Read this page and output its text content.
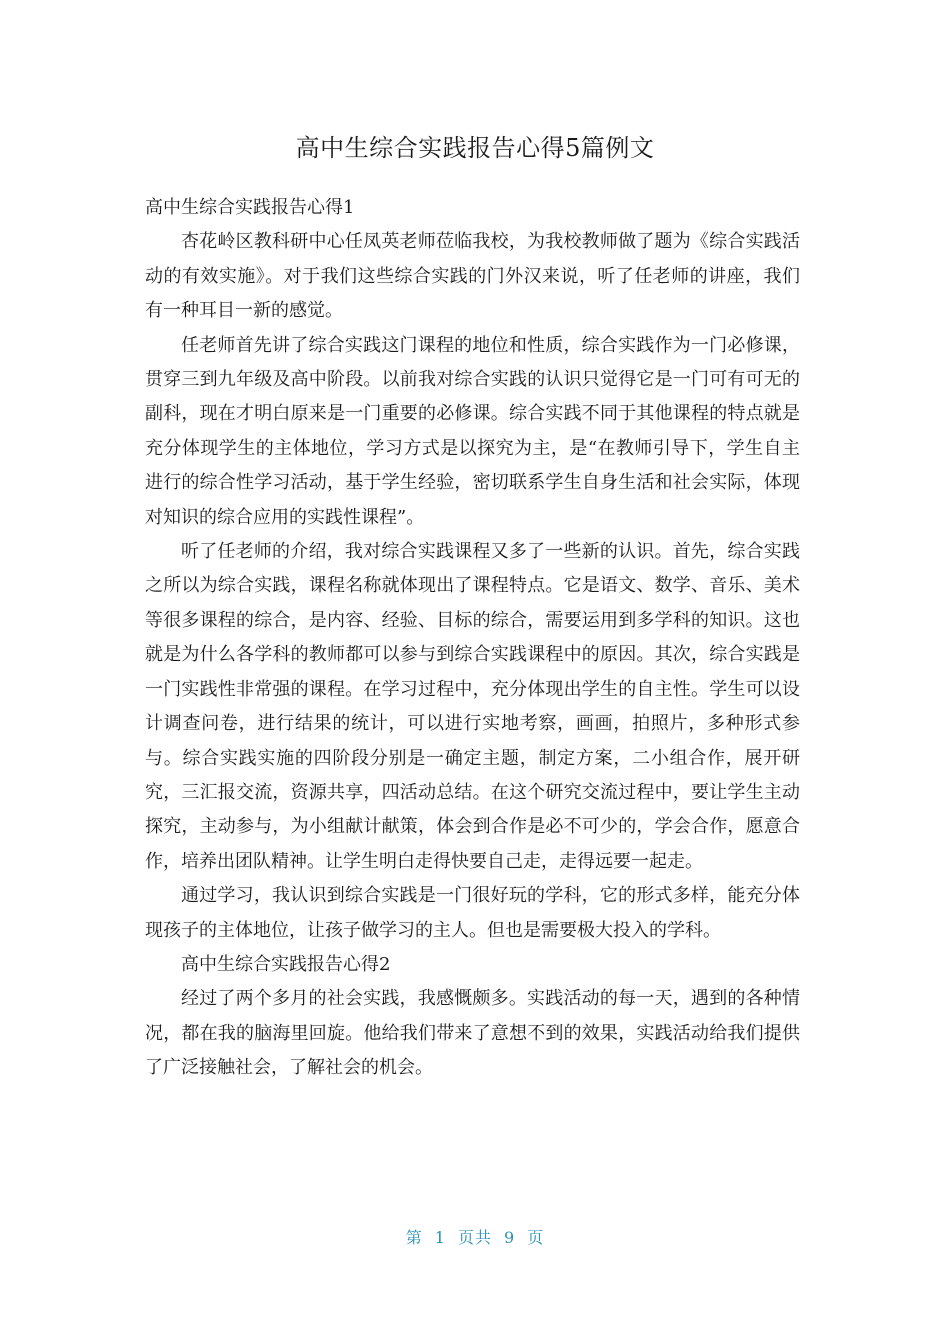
高中生综合实践报告心得5篇例文

高中生综合实践报告心得1

杏花岭区教科研中心任凤英老师莅临我校，为我校教师做了题为《综合实践活动的有效实施》。对于我们这些综合实践的门外汉来说，听了任老师的讲座，我们有一种耳目一新的感觉。

任老师首先讲了综合实践这门课程的地位和性质，综合实践作为一门必修课，贯穿三到九年级及高中阶段。以前我对综合实践的认识只觉得它是一门可有可无的副科，现在才明白原来是一门重要的必修课。综合实践不同于其他课程的特点就是充分体现学生的主体地位，学习方式是以探究为主，是“在教师引导下，学生自主进行的综合性学习活动，基于学生经验，密切联系学生自身生活和社会实际，体现对知识的综合应用的实践性课程”。

听了任老师的介绍，我对综合实践课程又多了一些新的认识。首先，综合实践之所以为综合实践，课程名称就体现出了课程特点。它是语文、数学、音乐、美术等很多课程的综合，是内容、经验、目标的综合，需要运用到多学科的知识。这也就是为什么各学科的教师都可以参与到综合实践课程中的原因。其次，综合实践是一门实践性非常强的课程。在学习过程中，充分体现出学生的自主性。学生可以设计调查问卷，进行结果的统计，可以进行实地考察，画画，拍照片，多种形式参与。综合实践实施的四阶段分别是一确定主题，制定方案，二小组合作，展开研究，三汇报交流，资源共享，四活动总结。在这个研究交流过程中，要让学生主动探究，主动参与，为小组献计献策，体会到合作是必不可少的，学会合作，愿意合作，培养出团队精神。让学生明白走得快要自己走，走得远要一起走。

通过学习，我认识到综合实践是一门很好玩的学科，它的形式多样，能充分体现孩子的主体地位，让孩子做学习的主人。但也是需要极大投入的学科。

高中生综合实践报告心得2

经过了两个多月的社会实践，我感慨颇多。实践活动的每一天，遇到的各种情况，都在我的脑海里回旋。他给我们带来了意想不到的效果，实践活动给我们提供了广泛接触社会，了解社会的机会。

第 1 页共 9 页
